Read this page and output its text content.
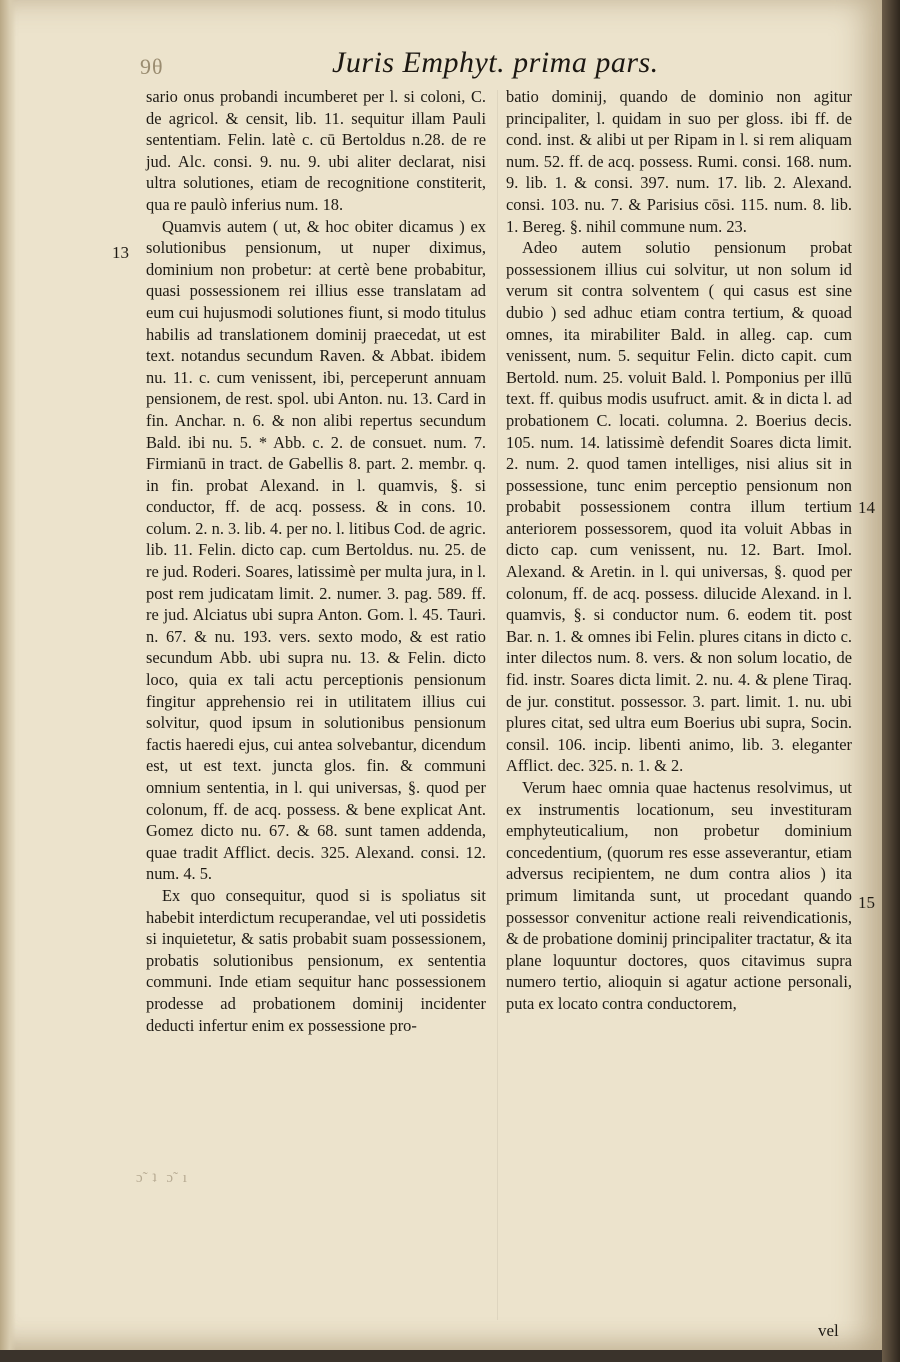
9θ	Juris Emphyt. prima pars.
13
14
15

sario onus probandi incumberet per l. si coloni, C. de agricol. & censit, lib. 11. sequitur illam Pauli sententiam. Felin. latè c. cū Bertoldus n.28. de re jud. Alc. consi. 9. nu. 9. ubi aliter declarat, nisi ultra solutiones, etiam de recognitione constiterit, qua re paulò inferius num. 18.

Quamvis autem ( ut, & hoc obiter dicamus ) ex solutionibus pensionum, ut nuper diximus, dominium non probetur: at certè bene probabitur, quasi possessionem rei illius esse translatam ad eum cui hujusmodi solutiones fiunt, si modo titulus habilis ad translationem dominij praecedat, ut est text. notandus secundum Raven. & Abbat. ibidem nu. 11. c. cum venissent, ibi, perceperunt annuam pensionem, de rest. spol. ubi Anton. nu. 13. Card in fin. Anchar. n. 6. & non alibi repertus secundum Bald. ibi nu. 5. * Abb. c. 2. de consuet. num. 7. Firmianū in tract. de Gabellis 8. part. 2. membr. q. in fin. probat Alexand. in l. quamvis, §. si conductor, ff. de acq. possess. & in cons. 10. colum. 2. n. 3. lib. 4. per no. l. litibus Cod. de agric. lib. 11. Felin. dicto cap. cum Bertoldus. nu. 25. de re jud. Roderi. Soares, latissimè per multa jura, in l. post rem judicatam limit. 2. numer. 3. pag. 589. ff. re jud. Alciatus ubi supra Anton. Gom. l. 45. Tauri. n. 67. & nu. 193. vers. sexto modo, & est ratio secundum Abb. ubi supra nu. 13. & Felin. dicto loco, quia ex tali actu perceptionis pensionum fingitur apprehensio rei in utilitatem illius cui solvitur, quod ipsum in solutionibus pensionum factis haeredi ejus, cui antea solvebantur, dicendum est, ut est text. juncta glos. fin. & communi omnium sententia, in l. qui universas, §. quod per colonum, ff. de acq. possess. & bene explicat Ant. Gomez dicto nu. 67. & 68. sunt tamen addenda, quae tradit Afflict. decis. 325. Alexand. consi. 12. num. 4. 5.

Ex quo consequitur, quod si is spoliatus sit habebit interdictum recuperandae, vel uti possidetis si inquietetur, & satis probabit suam possessionem, probatis solutionibus pensionum, ex sententia communi. Inde etiam sequitur hanc possessionem prodesse ad probationem dominij incidenter deducti infertur enim ex possessione pro-

batio dominij, quando de dominio non agitur principaliter, l. quidam in suo per gloss. ibi ff. de cond. inst. & alibi ut per Ripam in l. si rem aliquam num. 52. ff. de acq. possess. Rumi. consi. 168. num. 9. lib. 1. & consi. 397. num. 17. lib. 2. Alexand. consi. 103. nu. 7. & Parisius cōsi. 115. num. 8. lib. 1. Bereg. §. nihil commune num. 23.

Adeo autem solutio pensionum probat possessionem illius cui solvitur, ut non solum id verum sit contra solventem ( qui casus est sine dubio ) sed adhuc etiam contra tertium, & quoad omnes, ita mirabiliter Bald. in alleg. cap. cum venissent, num. 5. sequitur Felin. dicto capit. cum Bertold. num. 25. voluit Bald. l. Pomponius per illū text. ff. quibus modis usufruct. amit. & in dicta l. ad probationem C. locati. columna. 2. Boerius decis. 105. num. 14. latissimè defendit Soares dicta limit. 2. num. 2. quod tamen intelliges, nisi alius sit in possessione, tunc enim perceptio pensionum non probabit possessionem contra illum tertium anteriorem possessorem, quod ita voluit Abbas in dicto cap. cum venissent, nu. 12. Bart. Imol. Alexand. & Aretin. in l. qui universas, §. quod per colonum, ff. de acq. possess. dilucide Alexand. in l. quamvis, §. si conductor num. 6. eodem tit. post Bar. n. 1. & omnes ibi Felin. plures citans in dicto c. inter dilectos num. 8. vers. & non solum locatio, de fid. instr. Soares dicta limit. 2. nu. 4. & plene Tiraq. de jur. constitut. possessor. 3. part. limit. 1. nu. ubi plures citat, sed ultra eum Boerius ubi supra, Socin. consil. 106. incip. libenti animo, lib. 3. eleganter Afflict. dec. 325. n. 1. & 2.

Verum haec omnia quae hactenus resolvimus, ut ex instrumentis locationum, seu investituram emphyteuticalium, non probetur dominium concedentium, (quorum res esse asseverantur, etiam adversus recipientem, ne dum contra alios ) ita primum limitanda sunt, ut procedant quando possessor convenitur actione reali reivendicationis, & de probatione dominij principaliter tractatur, & ita plane loquuntur doctores, quos citavimus supra numero tertio, alioquin si agatur actione personali, puta ex locato contra conductorem,

ɔ̃ ʇ ɔ̃ ı
vel
